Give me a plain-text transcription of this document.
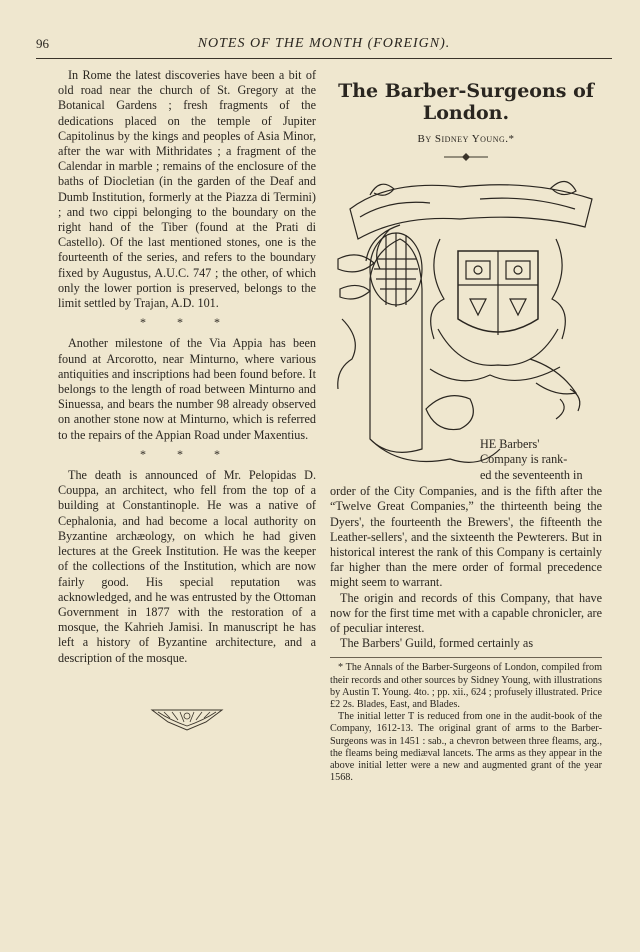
96	NOTES OF THE MONTH (FOREIGN).

In Rome the latest discoveries have been a bit of old road near the church of St. Gregory at the Botanical Gardens ; fresh fragments of the dedications placed on the temple of Jupiter Capitolinus by the kings and peoples of Asia Minor, after the war with Mithridates ; a fragment of the Calendar in marble ; remains of the enclosure of the baths of Diocletian (in the garden of the Deaf and Dumb Institution, formerly at the Piazza di Termini) ; and two cippi belonging to the boundary on the right hand of the Tiber (found at the Prati di Castello). Of the last mentioned stones, one is the fourteenth of the series, and refers to the boundary fixed by Augustus, A.U.C. 747 ; the other, of which only the lower portion is preserved, belongs to the limit settled by Trajan, A.D. 101.

* * *

Another milestone of the Via Appia has been found at Arcorotto, near Minturno, where various antiquities and inscriptions had been found before. It belongs to the length of road between Minturno and Sinuessa, and bears the number 98 already observed on another stone now at Minturno, which is referred to the repairs of the Appian Road under Maxentius.

* * *

The death is announced of Mr. Pelopidas D. Couppa, an architect, who fell from the top of a building at Constantinople. He was a native of Cephalonia, and had become a local authority on Byzantine archæology, on which he had given lectures at the Greek Institution. He was the keeper of the collections of the Institution, which are now fairly good. His special reputation was acknowledged, and he was entrusted by the Ottoman Government in 1877 with the restoration of a mosque, the Kahrieh Jamisi. In manuscript he has left a history of Byzantine architecture, and a description of the mosque.

The Barber-Surgeons of
London.
By Sidney Young.*
HE Barbers'
Company is rank-
ed the seventeenth in

order of the City Companies, and is the fifth after the “Twelve Great Companies,” the thirteenth being the Dyers', the fourteenth the Brewers', the fifteenth the Leather-sellers', and the sixteenth the Pewterers. But in historical interest the rank of this Company is certainly far higher than the mere order of formal precedence might seem to warrant.

The origin and records of this Company, that have now for the first time met with a capable chronicler, are of peculiar interest.

The Barbers' Guild, formed certainly as

* The Annals of the Barber-Surgeons of London, compiled from their records and other sources by Sidney Young, with illustrations by Austin T. Young. 4to. ; pp. xii., 624 ; profusely illustrated. Price £2 2s. Blades, East, and Blades.

The initial letter T is reduced from one in the audit-book of the Company, 1612-13. The original grant of arms to the Barber-Surgeons was in 1451 : sab., a chevron between three fleams, arg., the fleams being mediæval lancets. The arms as they appear in the above initial letter were a new and augmented grant of the year 1568.
